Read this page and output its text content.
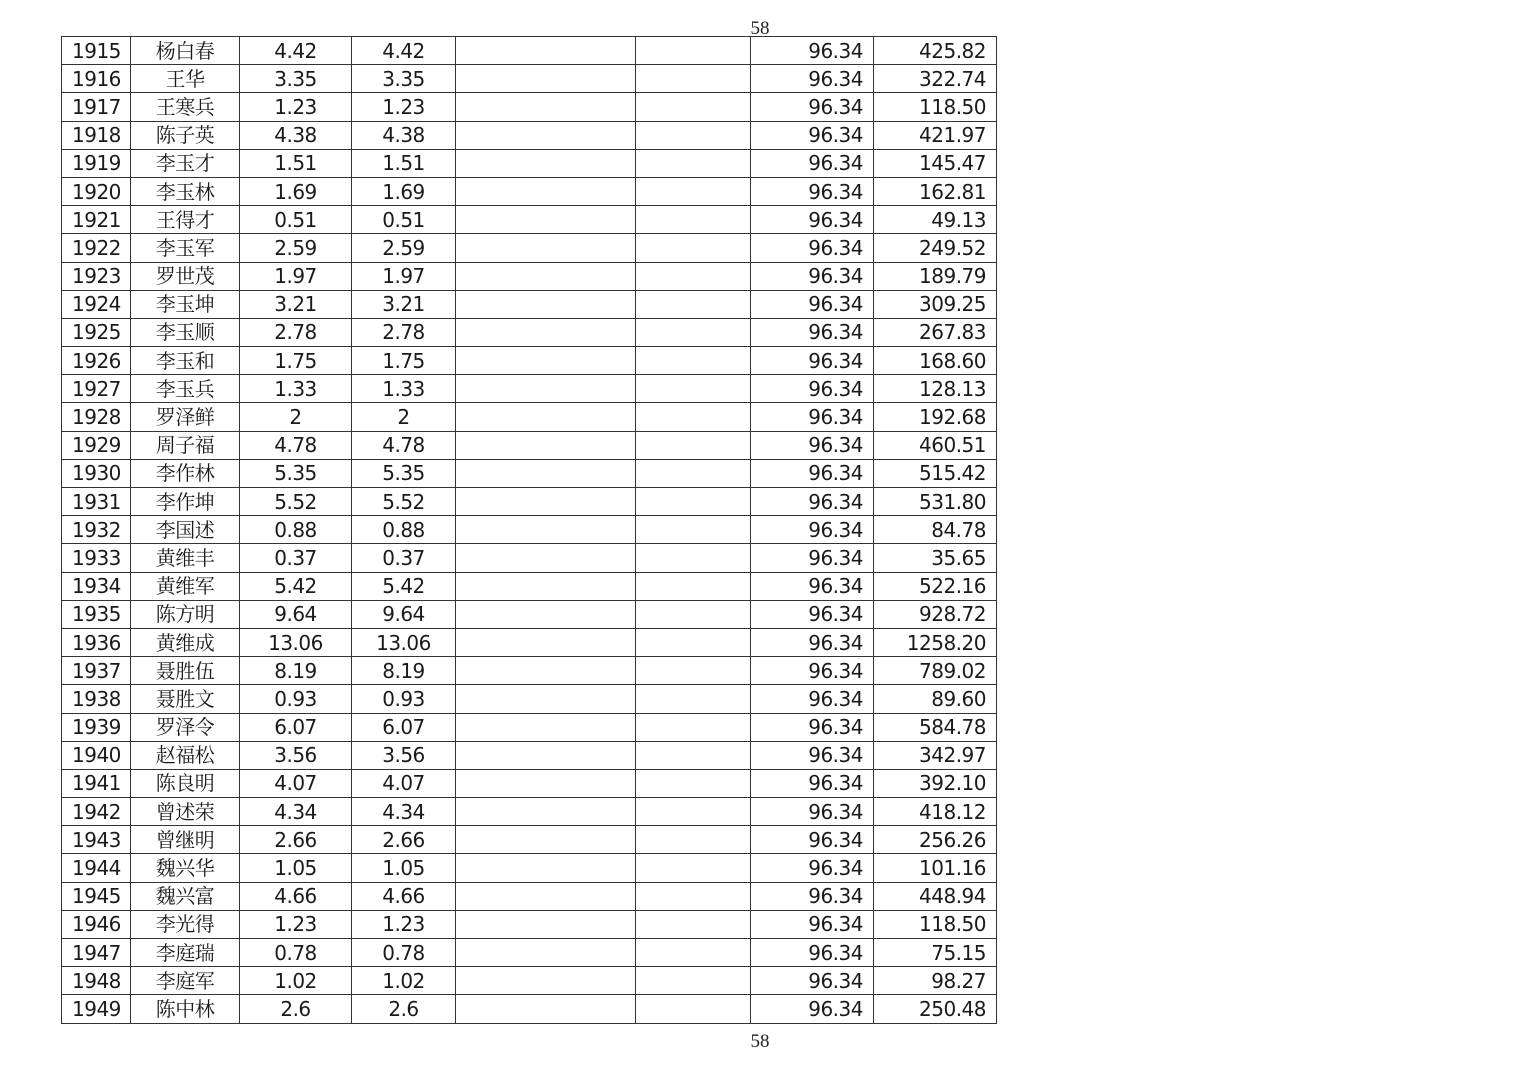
58
1915	杨白春	4.42	4.42			96.34	425.82
1916	王华	3.35	3.35			96.34	322.74
1917	王寒兵	1.23	1.23			96.34	118.50
1918	陈子英	4.38	4.38			96.34	421.97
1919	李玉才	1.51	1.51			96.34	145.47
1920	李玉林	1.69	1.69			96.34	162.81
1921	王得才	0.51	0.51			96.34	49.13
1922	李玉军	2.59	2.59			96.34	249.52
1923	罗世茂	1.97	1.97			96.34	189.79
1924	李玉坤	3.21	3.21			96.34	309.25
1925	李玉顺	2.78	2.78			96.34	267.83
1926	李玉和	1.75	1.75			96.34	168.60
1927	李玉兵	1.33	1.33			96.34	128.13
1928	罗泽鲜	2	2			96.34	192.68
1929	周子福	4.78	4.78			96.34	460.51
1930	李作林	5.35	5.35			96.34	515.42
1931	李作坤	5.52	5.52			96.34	531.80
1932	李国述	0.88	0.88			96.34	84.78
1933	黄维丰	0.37	0.37			96.34	35.65
1934	黄维军	5.42	5.42			96.34	522.16
1935	陈方明	9.64	9.64			96.34	928.72
1936	黄维成	13.06	13.06			96.34	1258.20
1937	聂胜伍	8.19	8.19			96.34	789.02
1938	聂胜文	0.93	0.93			96.34	89.60
1939	罗泽令	6.07	6.07			96.34	584.78
1940	赵福松	3.56	3.56			96.34	342.97
1941	陈良明	4.07	4.07			96.34	392.10
1942	曾述荣	4.34	4.34			96.34	418.12
1943	曾继明	2.66	2.66			96.34	256.26
1944	魏兴华	1.05	1.05			96.34	101.16
1945	魏兴富	4.66	4.66			96.34	448.94
1946	李光得	1.23	1.23			96.34	118.50
1947	李庭瑞	0.78	0.78			96.34	75.15
1948	李庭军	1.02	1.02			96.34	98.27
1949	陈中林	2.6	2.6			96.34	250.48
58
